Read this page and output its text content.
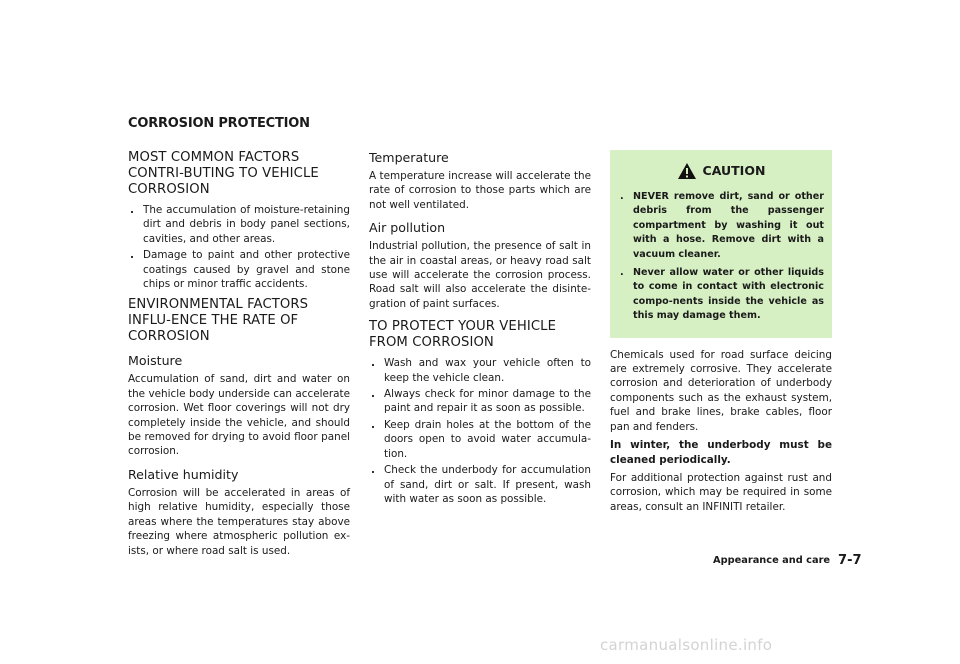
CORROSION PROTECTION
MOST COMMON FACTORS CONTRI-BUTING TO VEHICLE CORROSION
. The accumulation of moisture-retaining dirt and debris in body panel sections, cavities, and other areas.
. Damage to paint and other protective coatings caused by gravel and stone chips or minor traffic accidents.
ENVIRONMENTAL FACTORS INFLU-ENCE THE RATE OF CORROSION
Moisture

Accumulation of sand, dirt and water on the vehicle body underside can accelerate corrosion. Wet floor coverings will not dry completely inside the vehicle, and should be removed for drying to avoid floor panel corrosion.

Relative humidity

Corrosion will be accelerated in areas of high relative humidity, especially those areas where the temperatures stay above freezing where atmospheric pollution ex-ists, or where road salt is used.

Temperature

A temperature increase will accelerate the rate of corrosion to those parts which are not well ventilated.

Air pollution

Industrial pollution, the presence of salt in the air in coastal areas, or heavy road salt use will accelerate the corrosion process. Road salt will also accelerate the disinte-gration of paint surfaces.

TO PROTECT YOUR VEHICLE FROM CORROSION
. Wash and wax your vehicle often to keep the vehicle clean.
. Always check for minor damage to the paint and repair it as soon as possible.
. Keep drain holes at the bottom of the doors open to avoid water accumula-tion.
. Check the underbody for accumulation of sand, dirt or salt. If present, wash with water as soon as possible.
CAUTION
. NEVER remove dirt, sand or other debris from the passenger compartment by washing it out with a hose. Remove dirt with a vacuum cleaner.
. Never allow water or other liquids to come in contact with electronic compo-nents inside the vehicle as this may damage them.

Chemicals used for road surface deicing are extremely corrosive. They accelerate corrosion and deterioration of underbody components such as the exhaust system, fuel and brake lines, brake cables, floor pan and fenders.

In winter, the underbody must be cleaned periodically.

For additional protection against rust and corrosion, which may be required in some areas, consult an INFINITI retailer.

Appearance and care 7-7
carmanualsonline.info
